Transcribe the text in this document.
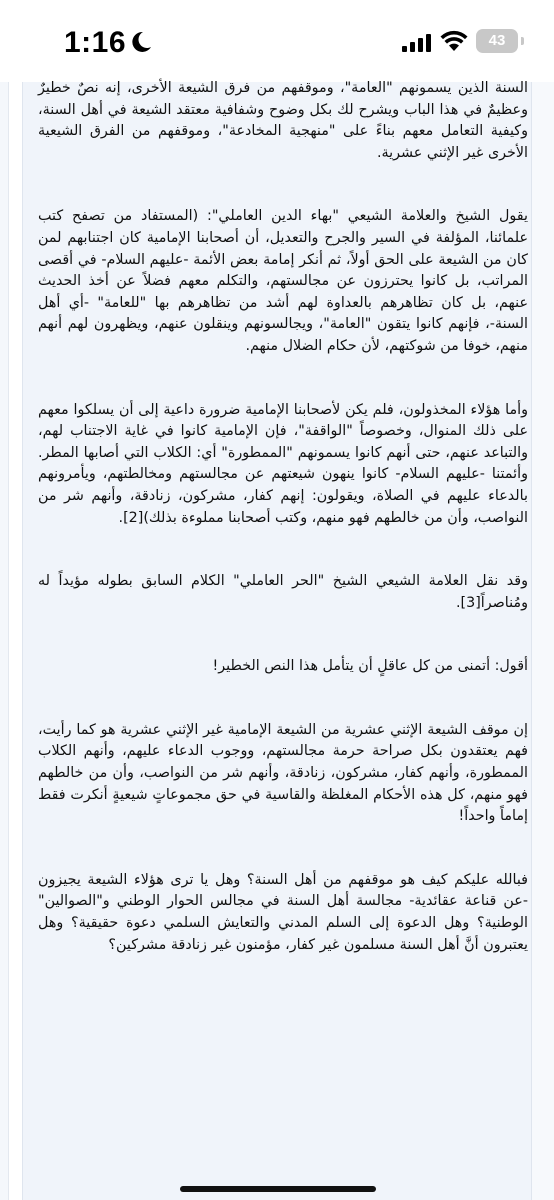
1:16	43

السنة الذين يسمونهم "العامة"، وموقفهم من فرق الشيعة الأخرى، إنه نصٌ خطيرٌ وعظيمٌ في هذا الباب ويشرح لك بكل وضوح وشفافية معتقد الشيعة في أهل السنة، وكيفية التعامل معهم بناءً على "منهجية المخادعة"، وموقفهم من الفرق الشيعية الأخرى غير الإثني عشرية.

يقول الشيخ والعلامة الشيعي "بهاء الدين العاملي": (المستفاد من تصفح كتب علمائنا، المؤلفة في السير والجرح والتعديل، أن أصحابنا الإمامية كان اجتنابهم لمن كان من الشيعة على الحق أولاً، ثم أنكر إمامة بعض الأئمة -عليهم السلام- في أقصى المراتب، بل كانوا يحترزون عن مجالستهم، والتكلم معهم فضلاً عن أخذ الحديث عنهم، بل كان تظاهرهم بالعداوة لهم أشد من تظاهرهم بها "للعامة" -أي أهل السنة-، فإنهم كانوا يتقون "العامة"، ويجالسونهم وينقلون عنهم، ويظهرون لهم أنهم منهم، خوفا من شوكتهم، لأن حكام الضلال منهم.

وأما هؤلاء المخذولون، فلم يكن لأصحابنا الإمامية ضرورة داعية إلى أن يسلكوا معهم على ذلك المنوال، وخصوصاً "الواقفة"، فإن الإمامية كانوا في غاية الاجتناب لهم، والتباعد عنهم، حتى أنهم كانوا يسمونهم "الممطورة" أي: الكلاب التي أصابها المطر. وأئمتنا -عليهم السلام- كانوا ينهون شيعتهم عن مجالستهم ومخالطتهم، ويأمرونهم بالدعاء عليهم في الصلاة، ويقولون: إنهم كفار، مشركون، زنادقة، وأنهم شر من النواصب، وأن من خالطهم فهو منهم، وكتب أصحابنا مملوءة بذلك)[2].

وقد نقل العلامة الشيعي الشيخ "الحر العاملي" الكلام السابق بطوله مؤيداً له ومُناصراً[3].

أقول: أتمنى من كل عاقلٍ أن يتأمل هذا النص الخطير!

إن موقف الشيعة الإثني عشرية من الشيعة الإمامية غير الإثني عشرية هو كما رأيت، فهم يعتقدون بكل صراحة حرمة مجالستهم، ووجوب الدعاء عليهم، وأنهم الكلاب الممطورة، وأنهم كفار، مشركون، زنادقة، وأنهم شر من النواصب، وأن من خالطهم فهو منهم، كل هذه الأحكام المغلظة والقاسية في حق مجموعاتٍ شيعيةٍ أنكرت فقط إماماً واحداً!

فبالله عليكم كيف هو موقفهم من أهل السنة؟ وهل يا ترى هؤلاء الشيعة يجيزون -عن قناعة عقائدية- مجالسة أهل السنة في مجالس الحوار الوطني و"الصوالين" الوطنية؟ وهل الدعوة إلى السلم المدني والتعايش السلمي دعوة حقيقية؟ وهل يعتبرون أنَّ أهل السنة مسلمون غير كفار، مؤمنون غير زنادقة مشركين؟
